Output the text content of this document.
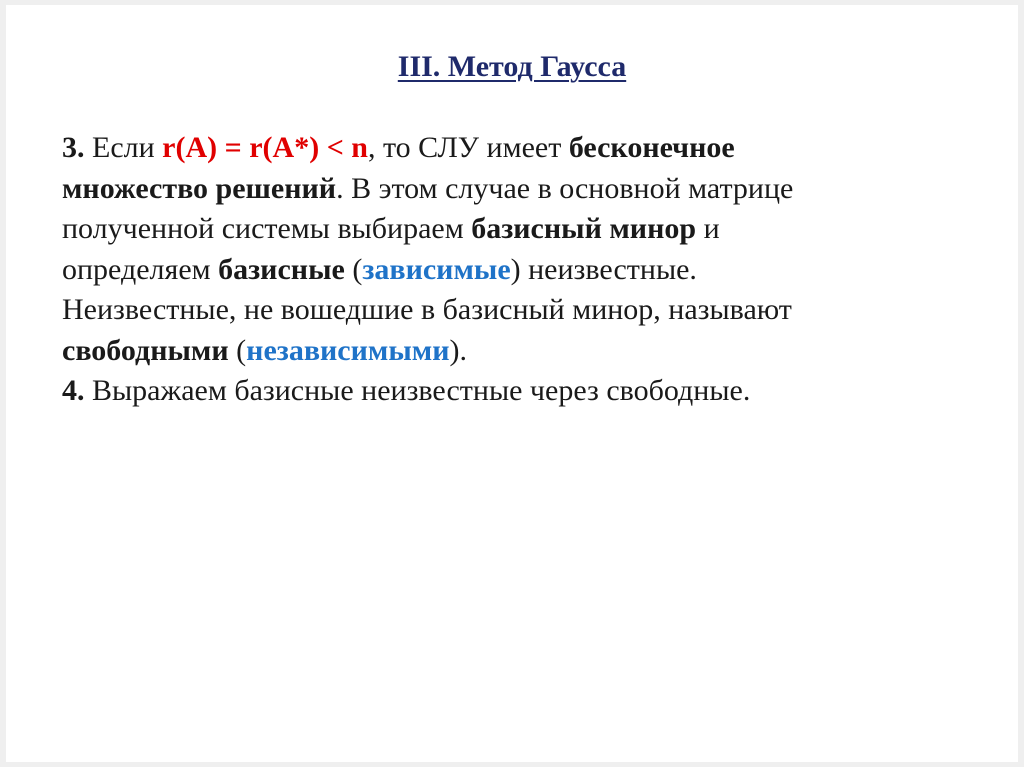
III. Метод Гаусса
3. Если r(A) = r(A*) < n, то СЛУ имеет бесконечное
множество решений. В этом случае в основной матрице
полученной системы выбираем базисный минор и
определяем базисные (зависимые) неизвестные.
Неизвестные, не вошедшие в базисный минор, называют
свободными (независимыми).
4. Выражаем базисные неизвестные через свободные.
